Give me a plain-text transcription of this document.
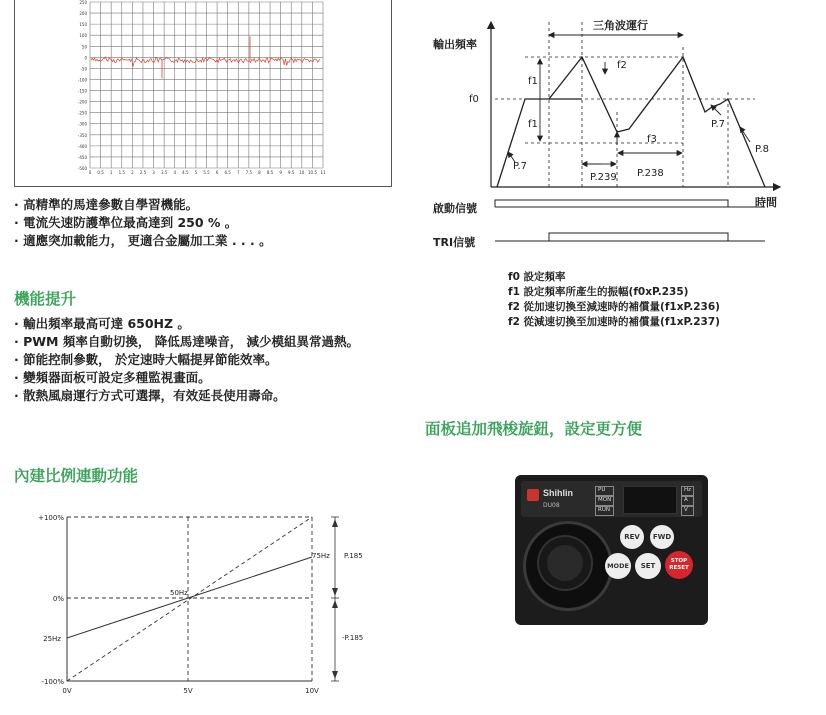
250
200
150
100
50
0
-50
-100
-150
-200
-250
-300
-350
-400
-450
-500
0 0.5 1 1.5 2 2.5 3 3.5 4 4.5 5 5.5 6 6.5 7 7.5 8 8.5 9 9.5 10 10.5 11
· 高精準的馬達參數自學習機能。
· 電流失速防護準位最高達到 250 % 。
· 適應突加載能力， 更適合金屬加工業 . . . 。
機能提升
· 輸出頻率最高可達 650HZ 。
· PWM 頻率自動切換， 降低馬達噪音， 減少模組異常過熱。
· 節能控制參數， 於定速時大幅提昇節能效率。
· 變頻器面板可設定多種監視畫面。
· 散熱風扇運行方式可選擇，有效延長使用壽命。
內建比例連動功能
+100%
0%
25Hz
-100%
0V	5V	10V
50Hz
75Hz P.185
-P.185
三角波運行
輸出頻率
時間
啟動信號
TRI信號
f0
f1
f1
f2
f3
P.7
P.7
P.8
P.239 P.238
f0 設定頻率
f1 設定頻率所產生的振幅(f0xP.235)
f2 從加速切換至減速時的補償量(f1xP.236)
f2 從減速切換至加速時的補償量(f1xP.237)
面板追加飛梭旋鈕，設定更方便
Shihlin
DU08
PU
MON
RUN
Hz
A
V
REV	FWD
MODE	SET
STOP
RESET
